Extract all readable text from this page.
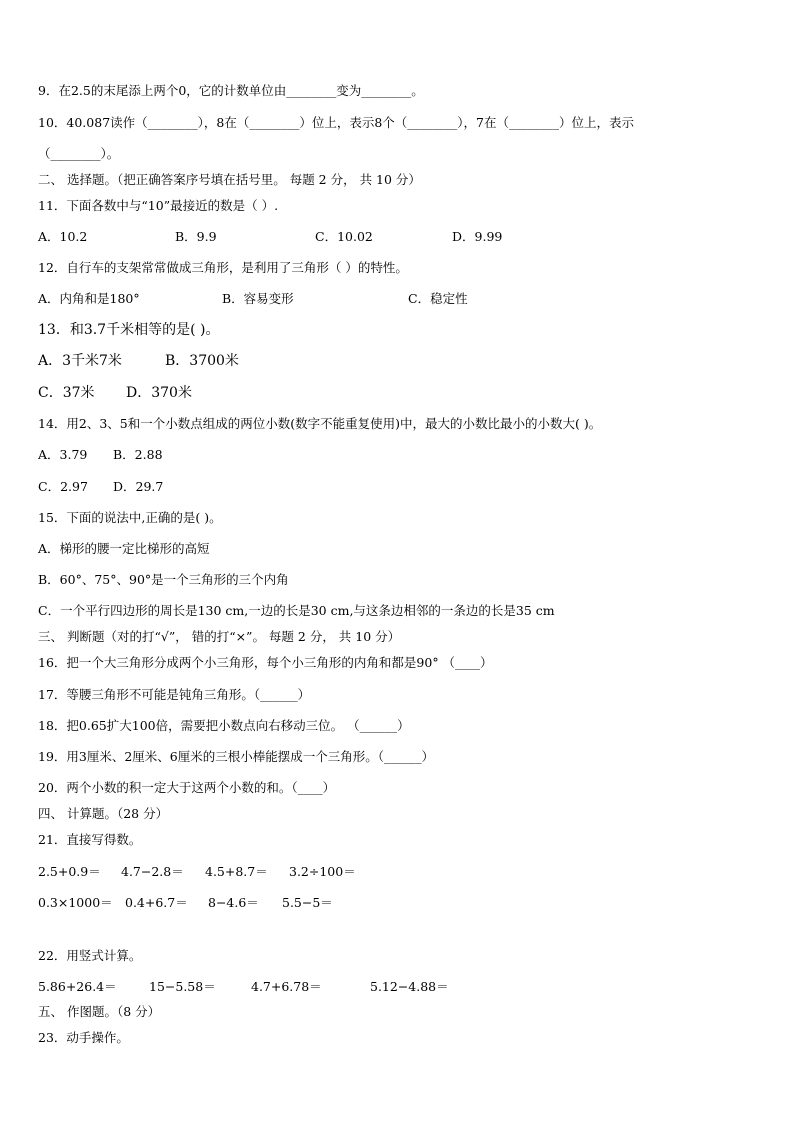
9．在2.5的末尾添上两个0，它的计数单位由________变为________。
10．40.087读作（________），8在（________）位上，表示8个（________），7在（________）位上，表示
（________）。
二、 选择题。（把正确答案序号填在括号里。 每题 2 分， 共 10 分）
11．下面各数中与“10”最接近的数是（ ）.
A．10.2	B．9.9	C．10.02	D．9.99
12．自行车的支架常常做成三角形，是利用了三角形（ ）的特性。
A．内角和是180°	B．容易变形	C．稳定性
13．和3.7千米相等的是( )。
A．3千米7米	B．3700米
C．37米 D．370米
14．用2、3、5和一个小数点组成的两位小数(数字不能重复使用)中，最大的小数比最小的小数大( )。
A．3.79 B．2.88
C．2.97 D．29.7
15．下面的说法中,正确的是( )。
A．梯形的腰一定比梯形的高短
B．60°、75°、90°是一个三角形的三个内角
C．一个平行四边形的周长是130 cm,一边的长是30 cm,与这条边相邻的一条边的长是35 cm
三、 判断题（对的打“√”， 错的打“×”。 每题 2 分， 共 10 分）
16．把一个大三角形分成两个小三角形，每个小三角形的内角和都是90° （____）
17．等腰三角形不可能是钝角三角形。（______）
18．把0.65扩大100倍，需要把小数点向右移动三位。 （______）
19．用3厘米、2厘米、6厘米的三根小棒能摆成一个三角形。（______）
20．两个小数的积一定大于这两个小数的和。（____）
四、 计算题。（28 分）
21．直接写得数。
2.5+0.9＝ 4.7−2.8＝ 4.5+8.7＝ 3.2÷100＝
0.3×1000＝ 0.4+6.7＝ 8−4.6＝ 5.5−5＝
22．用竖式计算。
5.86+26.4＝	15−5.58＝	4.7+6.78＝	5.12−4.88＝
五、 作图题。（8 分）
23．动手操作。
